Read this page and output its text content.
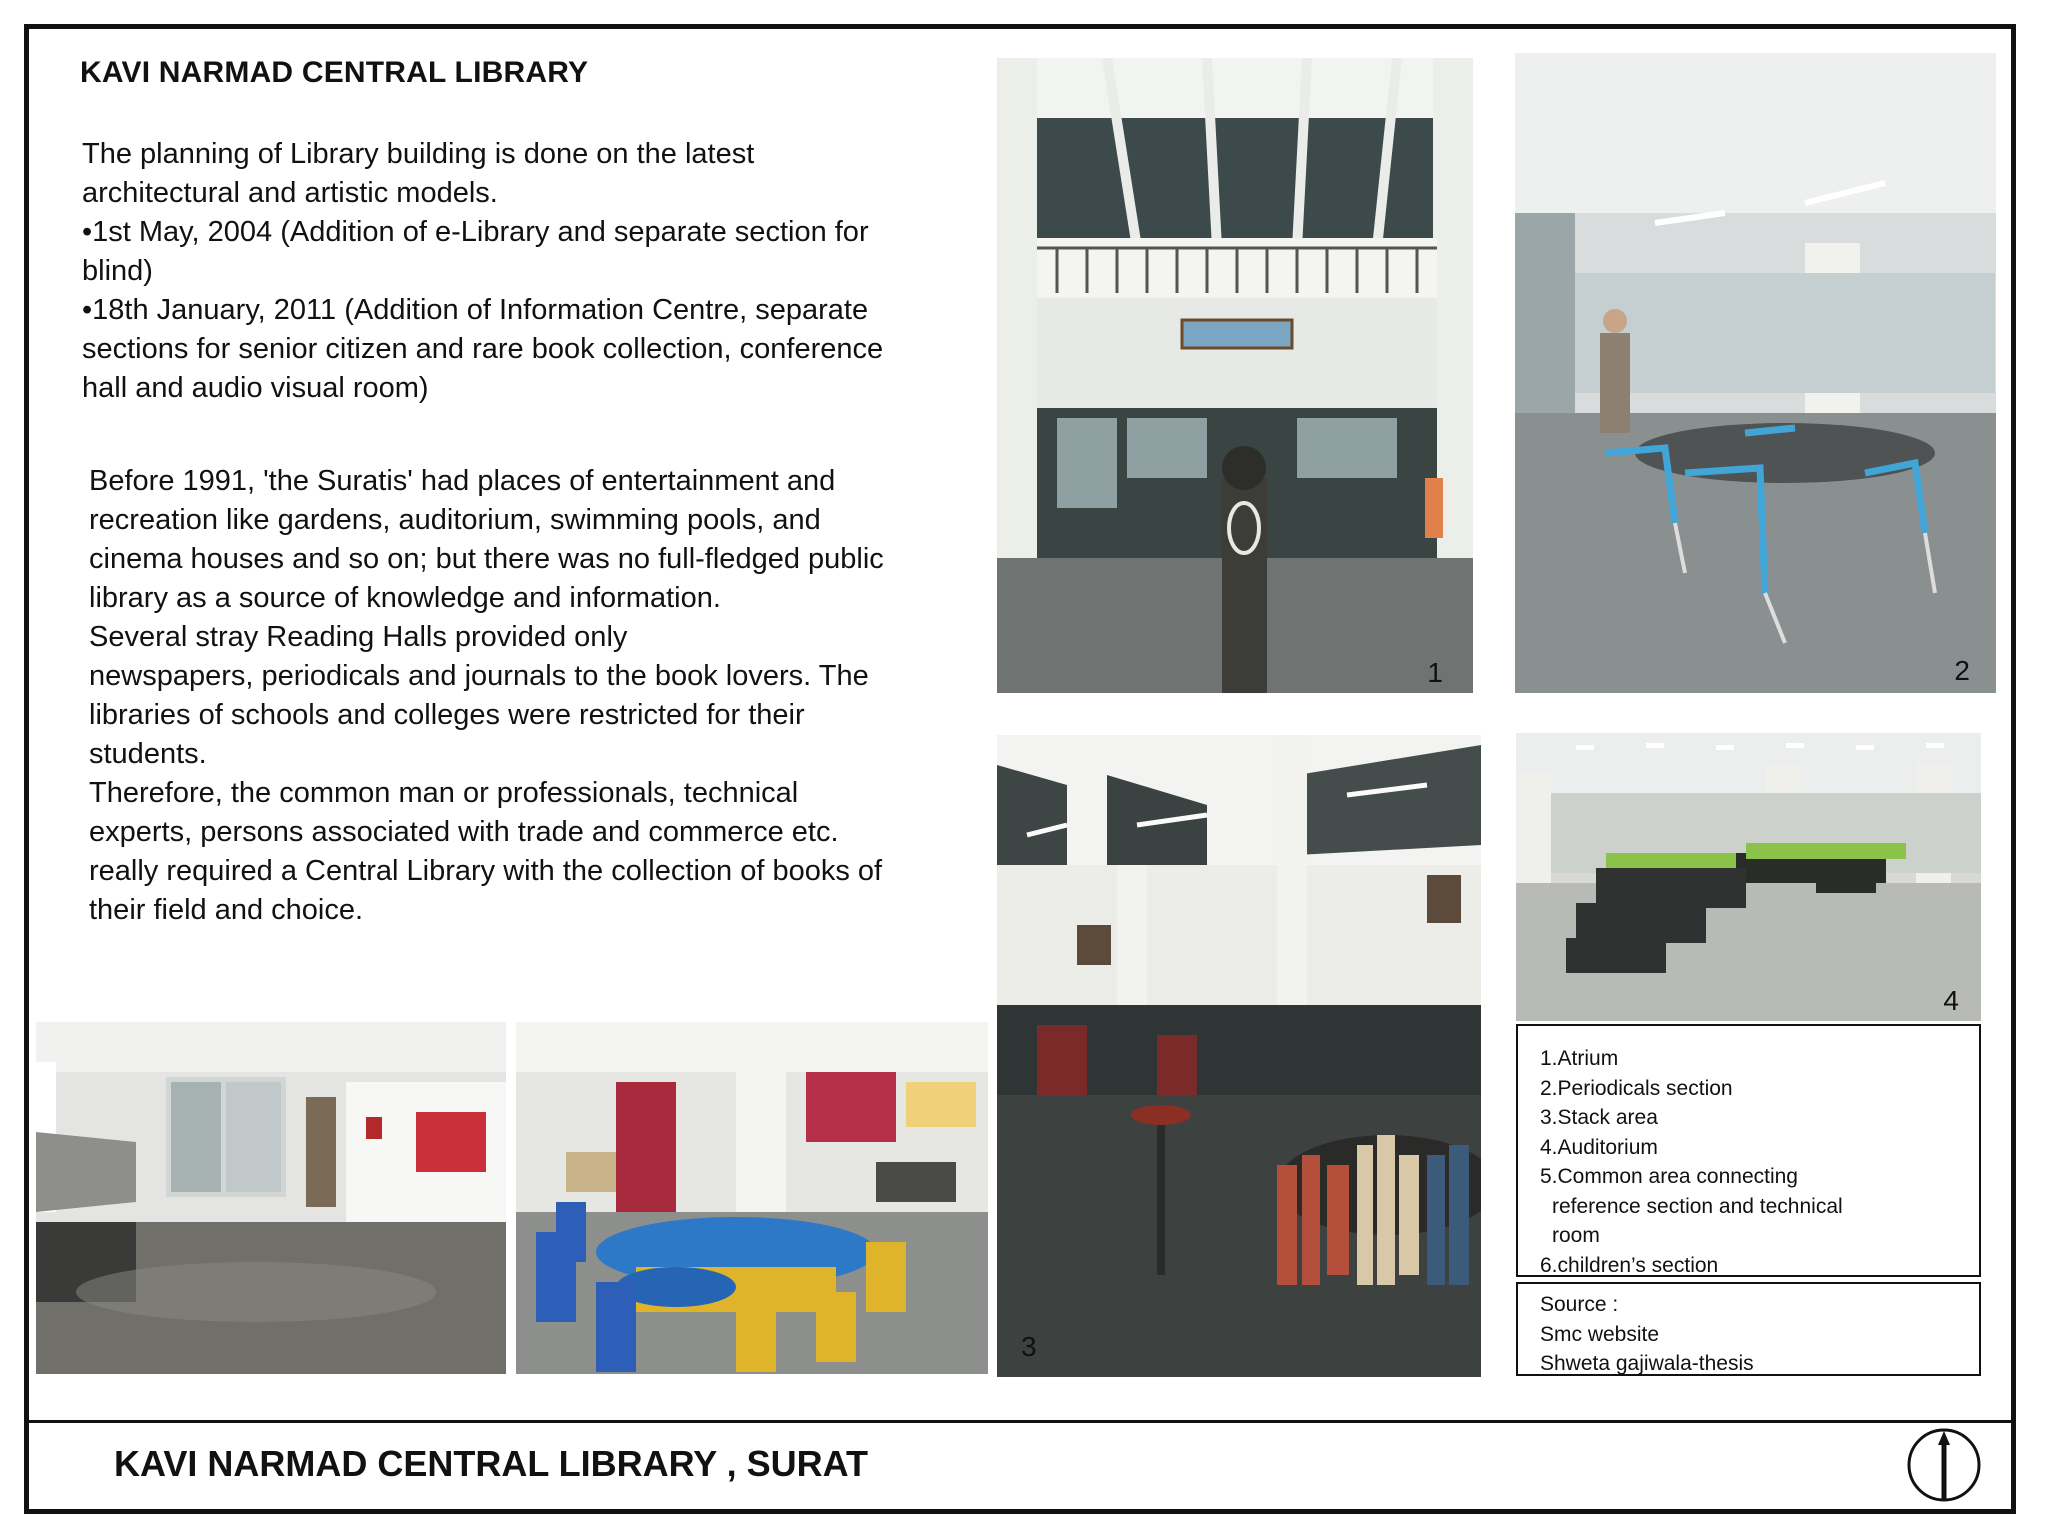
KAVI NARMAD CENTRAL LIBRARY
The planning of Library building is done on the latest
architectural and artistic models.
•1st May, 2004 (Addition of e-Library and separate section for
blind)
•18th January, 2011 (Addition of Information Centre, separate
sections for senior citizen and rare book collection, conference
hall and audio visual room)
Before 1991, 'the Suratis' had places of entertainment and
recreation like gardens, auditorium, swimming pools, and
cinema houses and so on; but there was no full-fledged public
library as a source of knowledge and information.
Several stray Reading Halls provided only
newspapers, periodicals and journals to the book lovers. The
libraries of schools and colleges were restricted for their
students.
Therefore, the common man or professionals, technical
experts, persons associated with trade and commerce etc.
really required a Central Library with the collection of books of
their field and choice.
1	2
3
4
1.Atrium
2.Periodicals section
3.Stack area
4.Auditorium
5.Common area connecting
reference section and technical
room
6.children’s section
Source :
Smc website
Shweta gajiwala-thesis
KAVI NARMAD CENTRAL LIBRARY , SURAT
